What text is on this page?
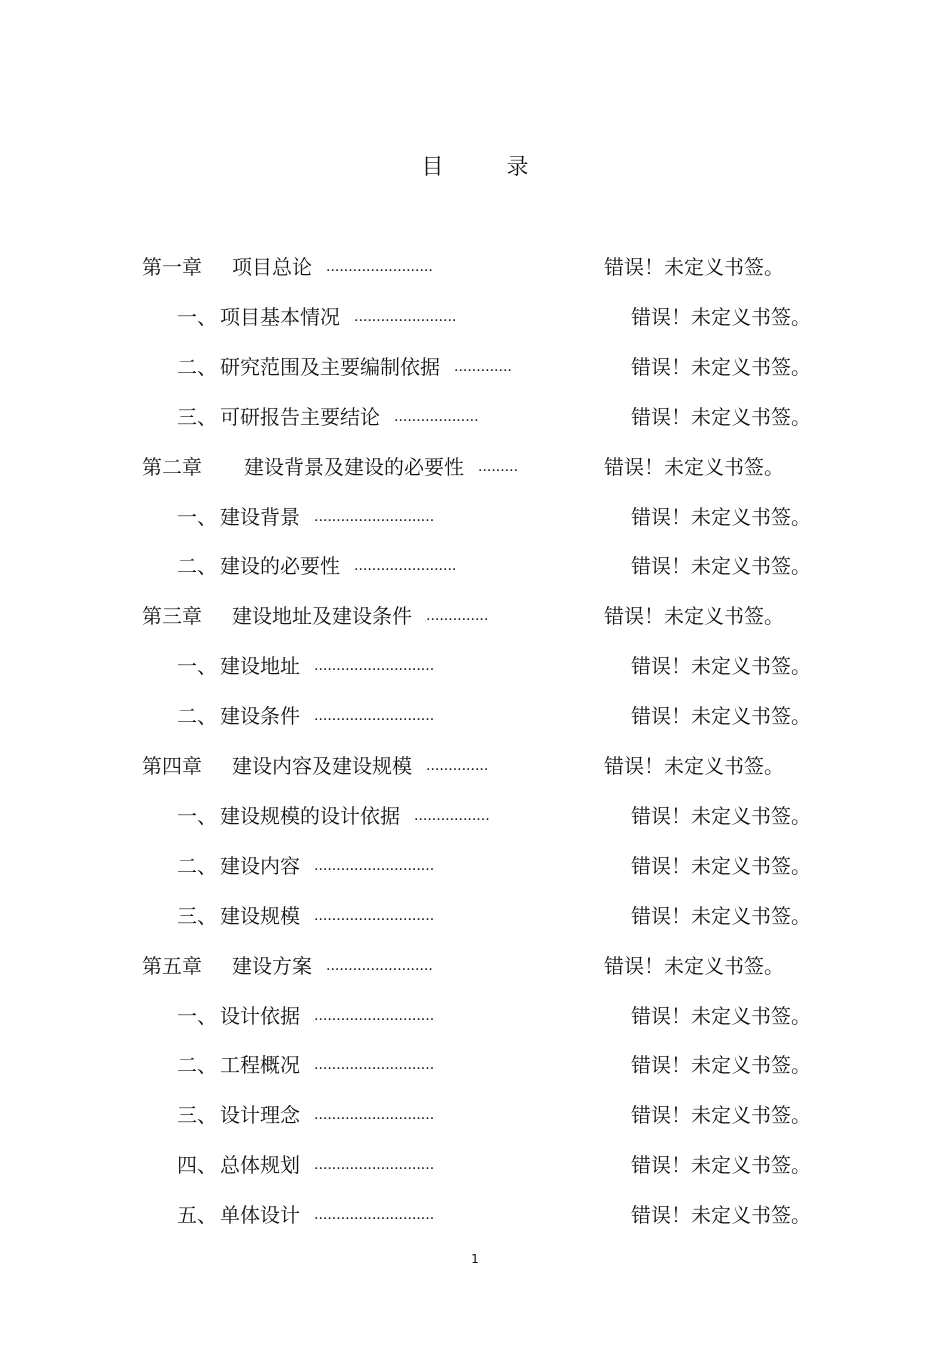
目 录
第一章 项目总论 ........................	错误！未定义书签。
一、 项目基本情况 .......................	错误！未定义书签。
二、 研究范围及主要编制依据 .............	错误！未定义书签。
三、 可研报告主要结论 ...................	错误！未定义书签。
第二章 建设背景及建设的必要性 .........	错误！未定义书签。
一、 建设背景 ...........................	错误！未定义书签。
二、 建设的必要性 .......................	错误！未定义书签。
第三章 建设地址及建设条件 ..............	错误！未定义书签。
一、 建设地址 ...........................	错误！未定义书签。
二、 建设条件 ...........................	错误！未定义书签。
第四章 建设内容及建设规模 ..............	错误！未定义书签。
一、 建设规模的设计依据 .................	错误！未定义书签。
二、 建设内容 ...........................	错误！未定义书签。
三、 建设规模 ...........................	错误！未定义书签。
第五章 建设方案 ........................	错误！未定义书签。
一、 设计依据 ...........................	错误！未定义书签。
二、 工程概况 ...........................	错误！未定义书签。
三、 设计理念 ...........................	错误！未定义书签。
四、 总体规划 ...........................	错误！未定义书签。
五、 单体设计 ...........................	错误！未定义书签。
1
